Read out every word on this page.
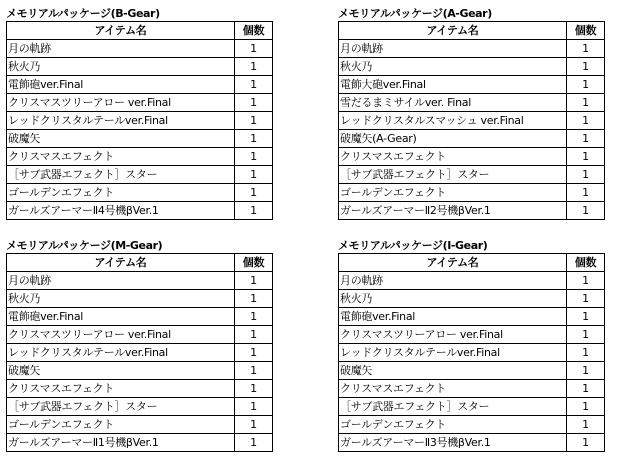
メモリアルパッケージ(B-Gear)
アイテム名	個数
月の軌跡	1
秋火乃	1
電飾砲ver.Final	1
クリスマスツリーアロー ver.Final	1
レッドクリスタルテールver.Final	1
破魔矢	1
クリスマスエフェクト	1
［サブ武器エフェクト］スター	1
ゴールデンエフェクト	1
ガールズアーマーⅡ4号機βVer.1	1
メモリアルパッケージ(A-Gear)
アイテム名	個数
月の軌跡	1
秋火乃	1
電飾大砲ver.Final	1
雪だるまミサイルver. Final	1
レッドクリスタルスマッシュ ver.Final	1
破魔矢(A-Gear)	1
クリスマスエフェクト	1
［サブ武器エフェクト］スター	1
ゴールデンエフェクト	1
ガールズアーマーⅡ2号機βVer.1	1
メモリアルパッケージ(M-Gear)
アイテム名	個数
月の軌跡	1
秋火乃	1
電飾砲ver.Final	1
クリスマスツリーアロー ver.Final	1
レッドクリスタルテールver.Final	1
破魔矢	1
クリスマスエフェクト	1
［サブ武器エフェクト］スター	1
ゴールデンエフェクト	1
ガールズアーマーⅡ1号機βVer.1	1
メモリアルパッケージ(I-Gear)
アイテム名	個数
月の軌跡	1
秋火乃	1
電飾砲ver.Final	1
クリスマスツリーアロー ver.Final	1
レッドクリスタルテールver.Final	1
破魔矢	1
クリスマスエフェクト	1
［サブ武器エフェクト］スター	1
ゴールデンエフェクト	1
ガールズアーマーⅡ3号機βVer.1	1
